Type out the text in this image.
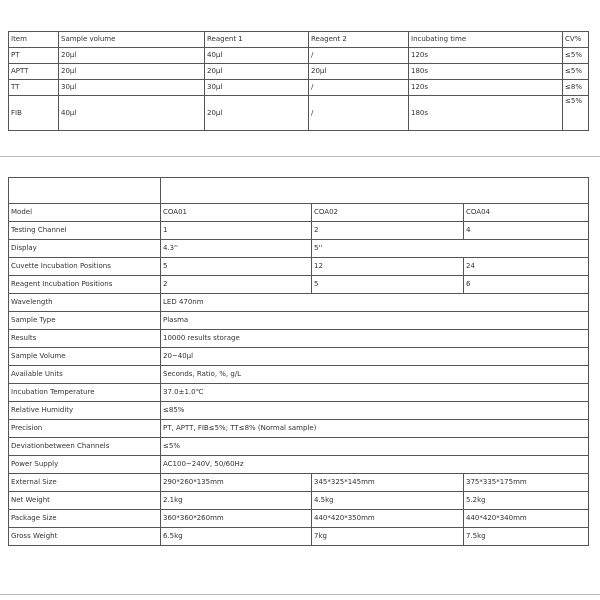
Item	Sample volume	Reagent 1	Reagent 2	Incubating time	CV%
PT	20μl	40μl	/	120s	≤5%
APTT	20μl	20μl	20μl	180s	≤5%
TT	30μl	30μl	/	120s	≤8%
FIB	40μl	20μl	/	180s	≤5%

Model	COA01	COA02	COA04
Testing Channel	1	2	4
Display	4.3''	5''	
Cuvette Incubation Positions	5	12	24
Reagent Incubation Positions	2	5	6
Wavelength	LED 470nm		
Sample Type	Plasma		
Results	10000 results storage		
Sample Volume	20~40μl		
Available Units	Seconds, Ratio, %, g/L		
Incubation Temperature	37.0±1.0℃		
Relative Humidity	≤85%		
Precision	PT, APTT, FIB≤5%; TT≤8% (Normal sample)		
Deviationbetween Channels	≤5%		
Power Supply	AC100~240V, 50/60Hz		
External Size	290*260*135mm	345*325*145mm	375*335*175mm
Net Weight	2.1kg	4.5kg	5.2kg
Package Size	360*360*260mm	440*420*350mm	440*420*340mm
Gross Weight	6.5kg	7kg	7.5kg
